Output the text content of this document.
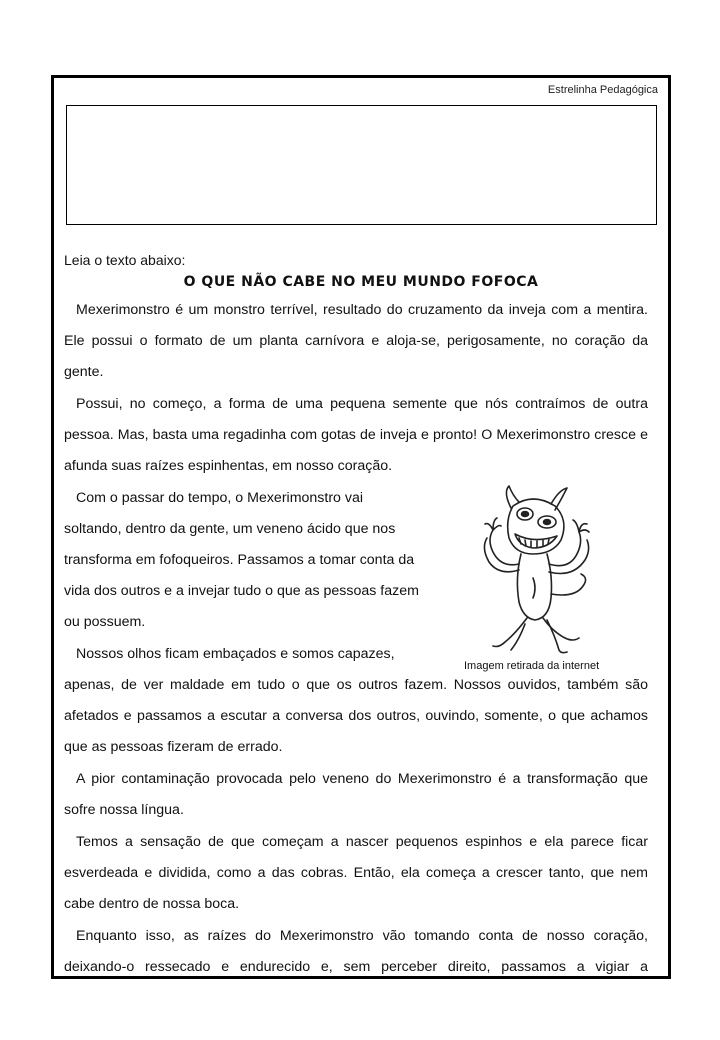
Estrelinha Pedagógica
Leia o texto abaixo:
O QUE NÃO CABE NO MEU MUNDO FOFOCA
Mexerimonstro é um monstro terrível, resultado do cruzamento da inveja com a mentira. Ele possui o formato de um planta carnívora e aloja-se, perigosamente, no coração da gente.
Possui, no começo, a forma de uma pequena semente que nós contraímos de outra pessoa. Mas, basta uma regadinha com gotas de inveja e pronto! O Mexerimonstro cresce e afunda suas raízes espinhentas, em nosso coração.
Com o passar do tempo, o Mexerimonstro vai soltando, dentro da gente, um veneno ácido que nos transforma em fofoqueiros. Passamos a tomar conta da vida dos outros e a invejar tudo o que as pessoas fazem ou possuem.
Nossos olhos ficam embaçados e somos capazes,
apenas, de ver maldade em tudo o que os outros fazem. Nossos ouvidos, também são afetados e passamos a escutar a conversa dos outros, ouvindo, somente, o que achamos que as pessoas fizeram de errado.
A pior contaminação provocada pelo veneno do Mexerimonstro é a transformação que sofre nossa língua.
Temos a sensação de que começam a nascer pequenos espinhos e ela parece ficar esverdeada e dividida, como a das cobras. Então, ela começa a crescer tanto, que nem cabe dentro de nossa boca.
Enquanto isso, as raízes do Mexerimonstro vão tomando conta de nosso coração, deixando-o ressecado e endurecido e, sem perceber direito, passamos a vigiar a
Imagem retirada da internet
